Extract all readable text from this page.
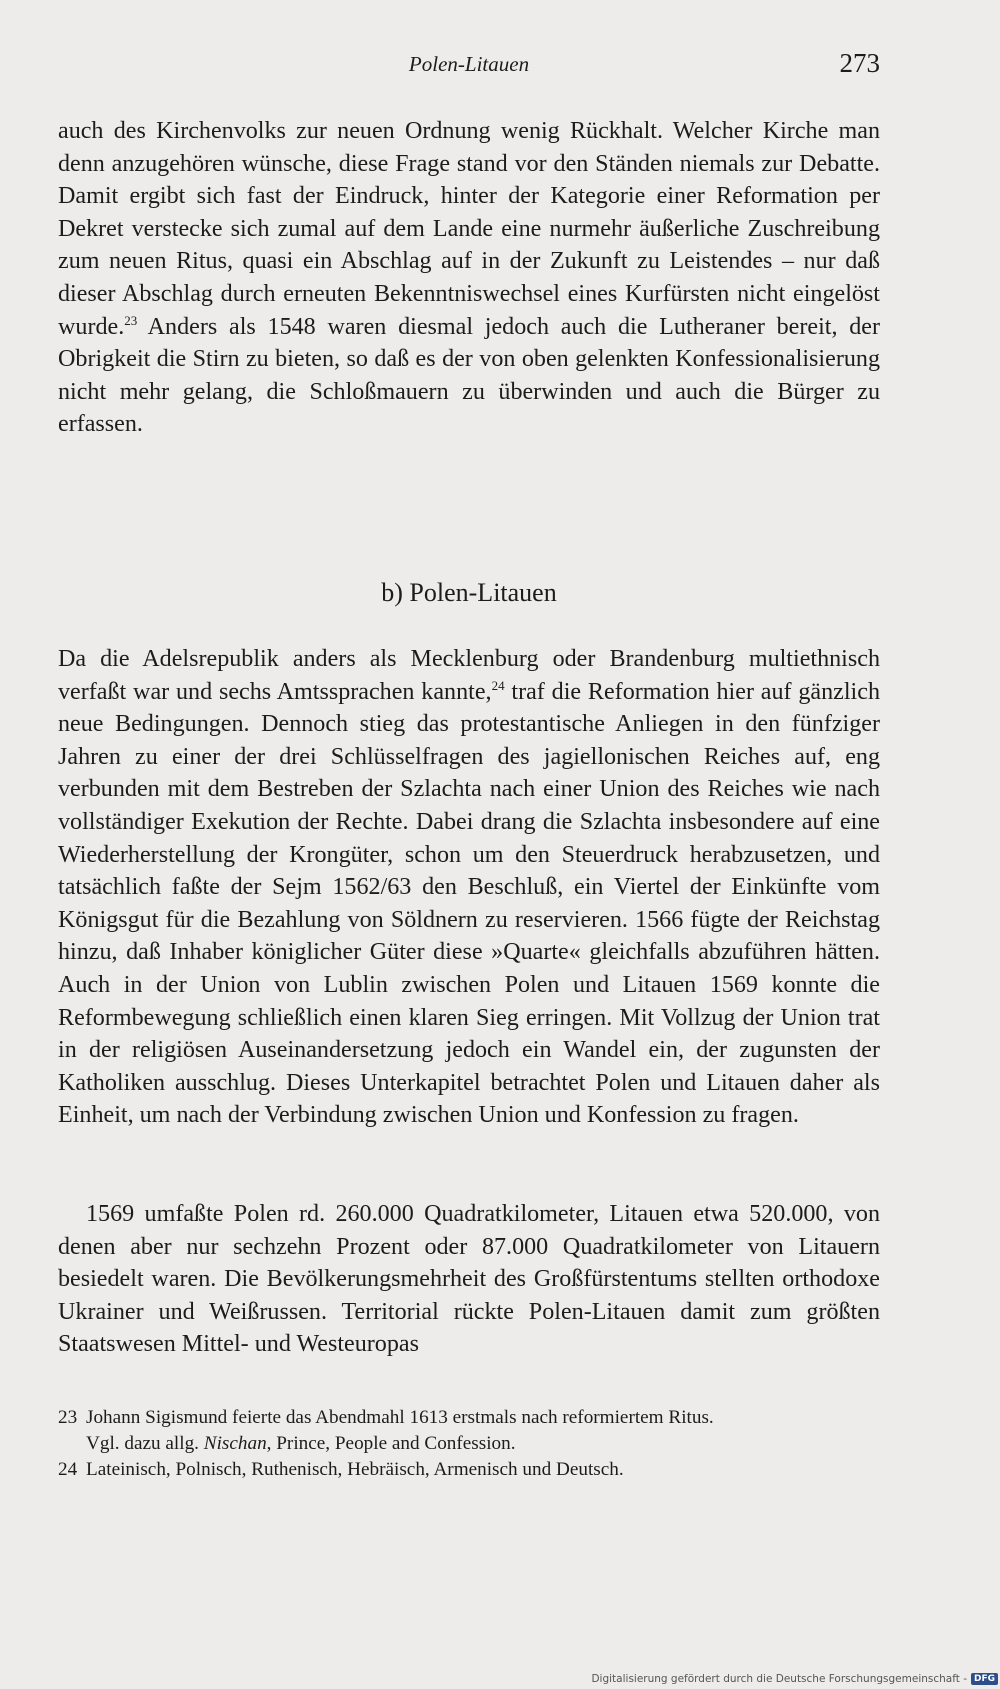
Polen-Litauen	273

auch des Kirchenvolks zur neuen Ordnung wenig Rückhalt. Welcher Kirche man denn anzugehören wünsche, diese Frage stand vor den Ständen niemals zur Debatte. Damit ergibt sich fast der Eindruck, hinter der Kategorie einer Reformation per Dekret verstecke sich zumal auf dem Lande eine nurmehr äußerliche Zuschreibung zum neuen Ritus, quasi ein Abschlag auf in der Zukunft zu Leistendes – nur daß dieser Abschlag durch erneuten Bekenntniswechsel eines Kurfürsten nicht eingelöst wurde.$^{23}$ Anders als 1548 waren diesmal jedoch auch die Lutheraner bereit, der Obrigkeit die Stirn zu bieten, so daß es der von oben gelenkten Konfessionalisierung nicht mehr gelang, die Schloßmauern zu überwinden und auch die Bürger zu erfassen.

b) Polen-Litauen

Da die Adelsrepublik anders als Mecklenburg oder Brandenburg multiethnisch verfaßt war und sechs Amtssprachen kannte,$^{24}$ traf die Reformation hier auf gänzlich neue Bedingungen. Dennoch stieg das protestantische Anliegen in den fünfziger Jahren zu einer der drei Schlüsselfragen des jagiellonischen Reiches auf, eng verbunden mit dem Bestreben der Szlachta nach einer Union des Reiches wie nach vollständiger Exekution der Rechte. Dabei drang die Szlachta insbesondere auf eine Wiederherstellung der Krongüter, schon um den Steuerdruck herabzusetzen, und tatsächlich faßte der Sejm 1562/63 den Beschluß, ein Viertel der Einkünfte vom Königsgut für die Bezahlung von Söldnern zu reservieren. 1566 fügte der Reichstag hinzu, daß Inhaber königlicher Güter diese »Quarte« gleichfalls abzuführen hätten. Auch in der Union von Lublin zwischen Polen und Litauen 1569 konnte die Reformbewegung schließlich einen klaren Sieg erringen. Mit Vollzug der Union trat in der religiösen Auseinandersetzung jedoch ein Wandel ein, der zugunsten der Katholiken ausschlug. Dieses Unterkapitel betrachtet Polen und Litauen daher als Einheit, um nach der Verbindung zwischen Union und Konfession zu fragen.

1569 umfaßte Polen rd. 260.000 Quadratkilometer, Litauen etwa 520.000, von denen aber nur sechzehn Prozent oder 87.000 Quadratkilometer von Litauern besiedelt waren. Die Bevölkerungsmehrheit des Großfürstentums stellten orthodoxe Ukrainer und Weißrussen. Territorial rückte Polen-Litauen damit zum größten Staatswesen Mittel- und Westeuropas

23 Johann Sigismund feierte das Abendmahl 1613 erstmals nach reformiertem Ritus.
Vgl. dazu allg. Nischan, Prince, People and Confession.

24 Lateinisch, Polnisch, Ruthenisch, Hebräisch, Armenisch und Deutsch.

Digitalisierung gefördert durch die Deutsche Forschungsgemeinschaft - DFG
